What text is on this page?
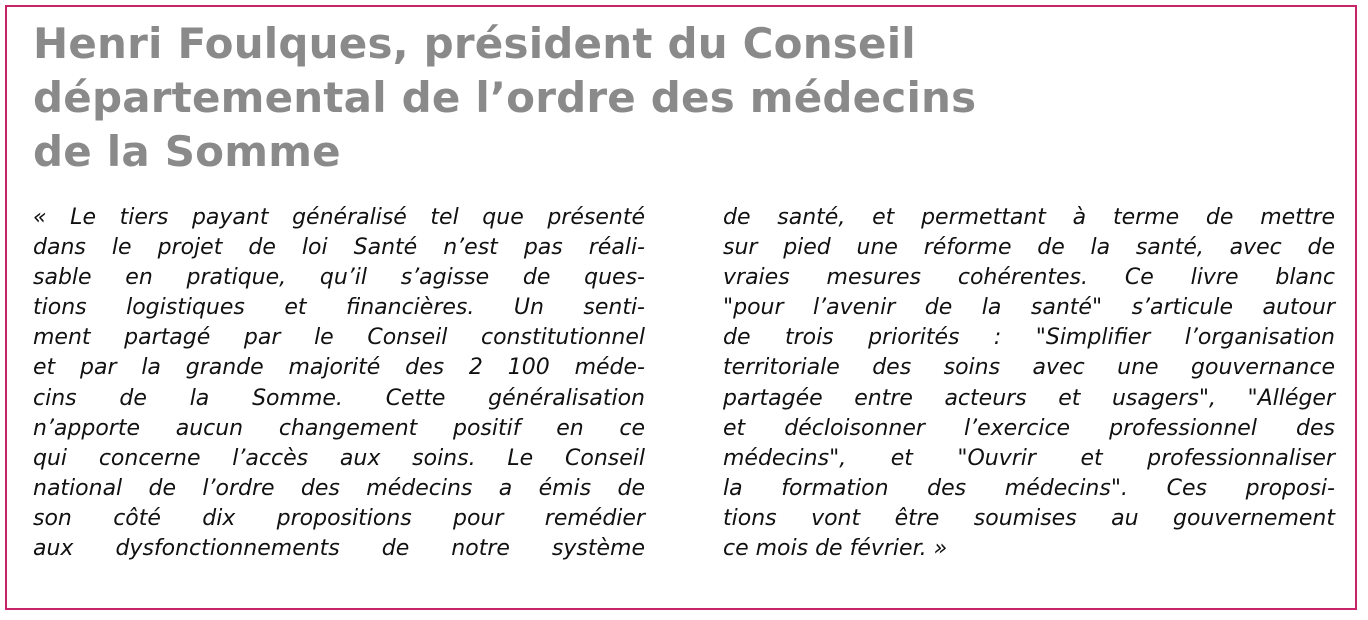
Henri Foulques, président du Conseil
départemental de l’ordre des médecins
de la Somme
« Le tiers payant généralisé tel que présenté
dans le projet de loi Santé n’est pas réali-
sable en pratique, qu’il s’agisse de ques-
tions logistiques et financières. Un senti-
ment partagé par le Conseil constitutionnel
et par la grande majorité des 2 100 méde-
cins de la Somme. Cette généralisation
n’apporte aucun changement positif en ce
qui concerne l’accès aux soins. Le Conseil
national de l’ordre des médecins a émis de
son côté dix propositions pour remédier
aux dysfonctionnements de notre système
de santé, et permettant à terme de mettre
sur pied une réforme de la santé, avec de
vraies mesures cohérentes. Ce livre blanc
"pour l’avenir de la santé" s’articule autour
de trois priorités : "Simplifier l’organisation
territoriale des soins avec une gouvernance
partagée entre acteurs et usagers", "Alléger
et décloisonner l’exercice professionnel des
médecins", et "Ouvrir et professionnaliser
la formation des médecins". Ces proposi-
tions vont être soumises au gouvernement
ce mois de février. »
